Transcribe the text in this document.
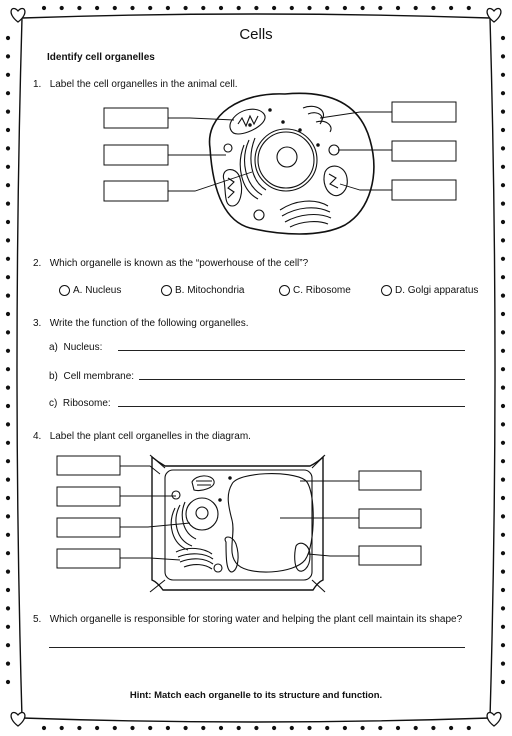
Cells
Identify cell organelles
1. Label the cell organelles in the animal cell.
2. Which organelle is known as the “powerhouse of the cell”?
A. Nucleus	B. Mitochondria	C. Ribosome	D. Golgi apparatus
3. Write the function of the following organelles.
a) Nucleus:
b) Cell membrane:
c) Ribosome:
4. Label the plant cell organelles in the diagram.
5. Which organelle is responsible for storing water and helping the plant cell maintain its shape?
Hint: Match each organelle to its structure and function.
